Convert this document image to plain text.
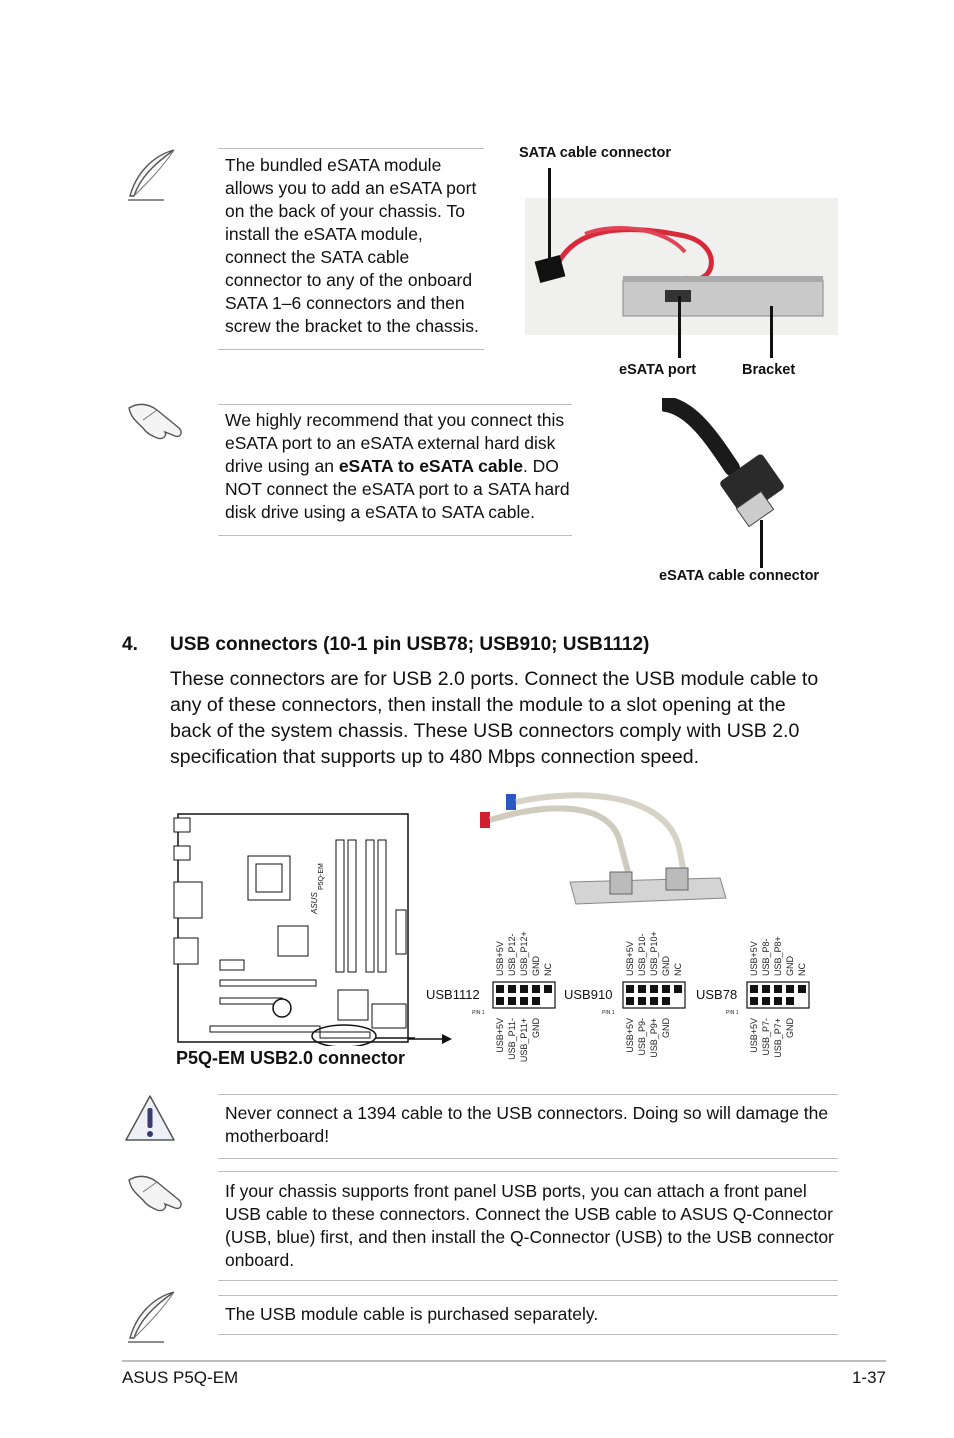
The bundled eSATA module allows you to add an eSATA port on the back of your chassis. To install the eSATA module, connect the SATA cable connector to any of the onboard SATA 1–6 connectors and then screw the bracket to the chassis.
SATA cable connector
eSATA port	Bracket
We highly recommend that you connect this eSATA port to an eSATA external hard disk drive using an eSATA to eSATA cable. DO NOT connect the eSATA port to a SATA hard disk drive using a eSATA to SATA cable.
eSATA cable connector
4. USB connectors (10-1 pin USB78; USB910; USB1112)
These connectors are for USB 2.0 ports. Connect the USB module cable to any of these connectors, then install the module to a slot opening at the back of the system chassis. These USB connectors comply with USB 2.0 specification that supports up to 480 Mbps connection speed.
P5Q-EM
ASUS
P5Q-EM USB2.0 connector
USB1112
PIN 1
USB+5V USB_P12- USB_P12+ GND NC
USB+5V USB_P11- USB_P11+ GND
USB910
PIN 1
USB+5V USB_P10- USB_P10+ GND NC
USB+5V USB_P9- USB_P9+ GND
USB78
PIN 1
USB+5V USB_P8- USB_P8+ GND NC
USB+5V USB_P7- USB_P7+ GND
Never connect a 1394 cable to the USB connectors. Doing so will damage the motherboard!
If your chassis supports front panel USB ports, you can attach a front panel USB cable to these connectors. Connect the USB cable to ASUS Q-Connector (USB, blue) first, and then install the Q-Connector (USB) to the USB connector onboard.
The USB module cable is purchased separately.
ASUS P5Q-EM	1-37
